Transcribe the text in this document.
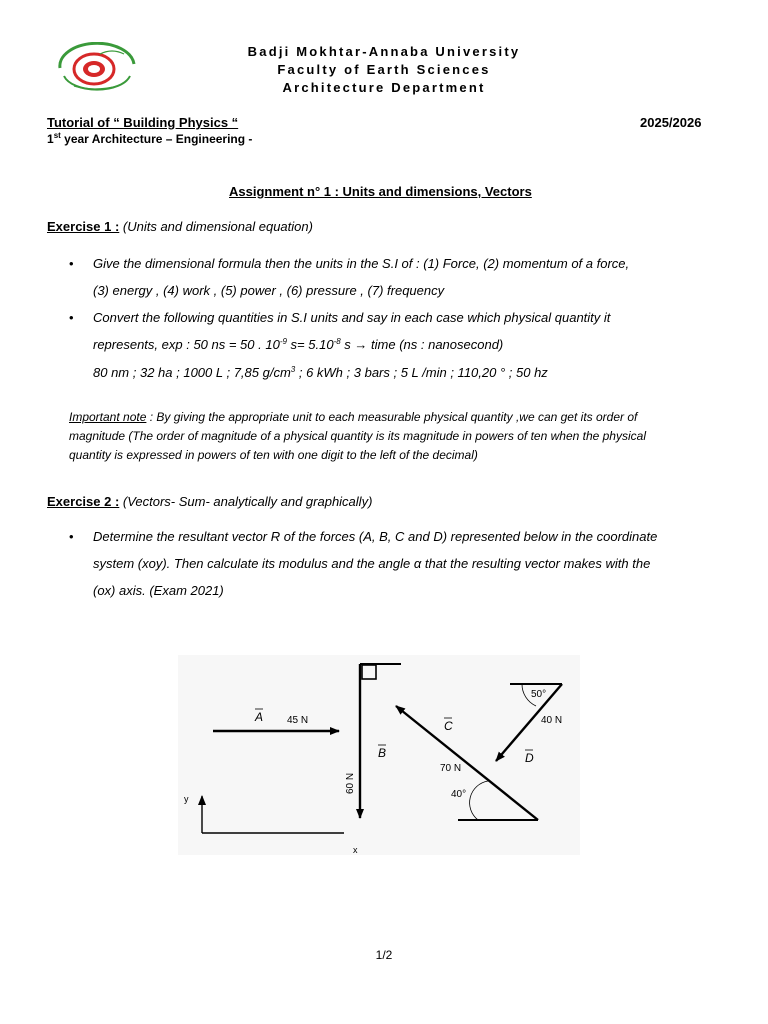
Badji Mokhtar-Annaba University
Faculty of Earth Sciences
Architecture Department
Tutorial of “ Building Physics “	2025/2026
1st year Architecture – Engineering -
Assignment n° 1 : Units and dimensions, Vectors
Exercise 1 : (Units and dimensional equation)
• Give the dimensional formula then the units in the S.I of : (1) Force, (2) momentum of a force,
(3) energy , (4) work , (5) power , (6) pressure , (7) frequency
• Convert the following quantities in S.I units and say in each case which physical quantity it
represents, exp : 50 ns = 50 . $10^{-9}$ $s= 5.10^{-8}$ s → time (ns : nanosecond)
80 nm ; 32 ha ; 1000 L ; 7,85 $g/cm^3$ ; 6 kWh ; 3 bars ; 5 L /min ; 110,20 ° ; 50 hz
Important note : By giving the appropriate unit to each measurable physical quantity ,we can get its order of
magnitude (The order of magnitude of a physical quantity is its magnitude in powers of ten when the physical
quantity is expressed in powers of ten with one digit to the left of the decimal)
Exercise 2 : (Vectors- Sum- analytically and graphically)
• Determine the resultant vector R of the forces (A, B, C and D) represented below in the coordinate
system (xoy). Then calculate its modulus and the angle α that the resulting vector makes with the
(ox) axis. (Exam 2021)
A 45 N
B
60 N
C
70 N
40°
50°
40 N
D
y
x
1/2
